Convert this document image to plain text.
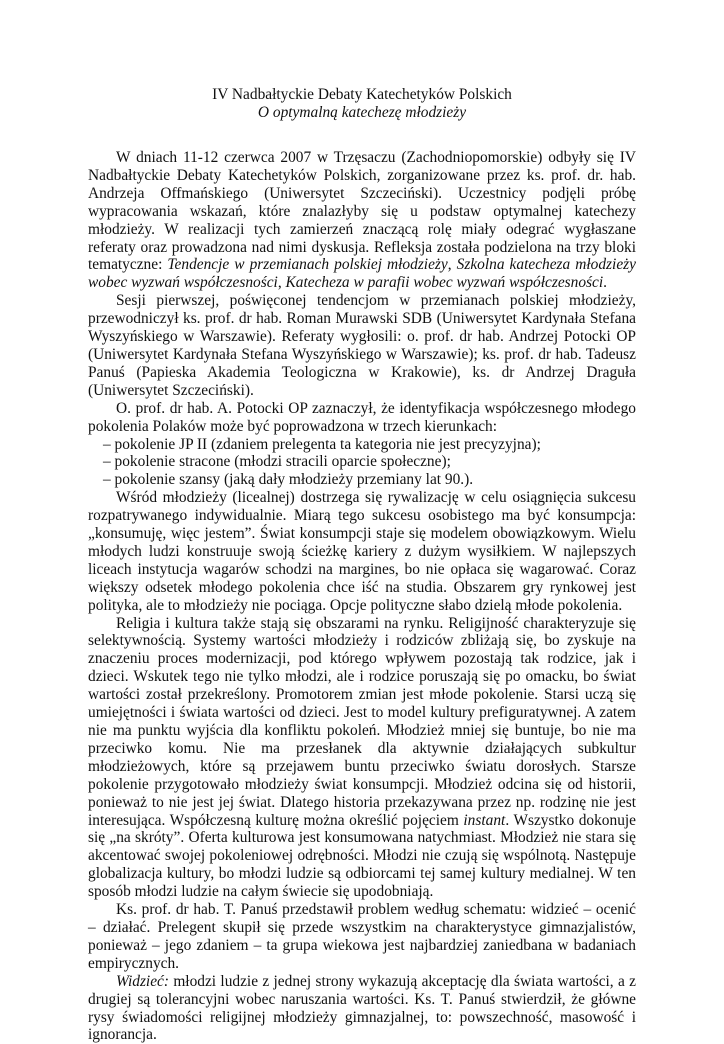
IV Nadbałtyckie Debaty Katechetyków Polskich
O optymalną katechezę młodzieży

W dniach 11-12 czerwca 2007 w Trzęsaczu (Zachodniopomorskie) odbyły się IV Nadbałtyckie Debaty Katechetyków Polskich, zorganizowane przez ks. prof. dr. hab. Andrzeja Offmańskiego (Uniwersytet Szczeciński). Uczestnicy podjęli próbę wypracowania wskazań, które znalazłyby się u podstaw optymalnej katechezy młodzieży. W realizacji tych zamierzeń znaczącą rolę miały odegrać wygłaszane referaty oraz prowadzona nad nimi dyskusja. Refleksja została podzielona na trzy bloki tematyczne: Tendencje w przemianach polskiej młodzieży, Szkolna katecheza młodzieży wobec wyzwań współczesności, Katecheza w parafii wobec wyzwań współczesności.

Sesji pierwszej, poświęconej tendencjom w przemianach polskiej młodzieży, przewodniczył ks. prof. dr hab. Roman Murawski SDB (Uniwersytet Kardynała Stefana Wyszyńskiego w Warszawie). Referaty wygłosili: o. prof. dr hab. Andrzej Potocki OP (Uniwersytet Kardynała Stefana Wyszyńskiego w Warszawie); ks. prof. dr hab. Tadeusz Panuś (Papieska Akademia Teologiczna w Krakowie), ks. dr Andrzej Draguła (Uniwersytet Szczeciński).

O. prof. dr hab. A. Potocki OP zaznaczył, że identyfikacja współczesnego młodego pokolenia Polaków może być poprowadzona w trzech kierunkach:

– pokolenie JP II (zdaniem prelegenta ta kategoria nie jest precyzyjna);

– pokolenie stracone (młodzi stracili oparcie społeczne);

– pokolenie szansy (jaką dały młodzieży przemiany lat 90.).

Wśród młodzieży (licealnej) dostrzega się rywalizację w celu osiągnięcia sukcesu rozpatrywanego indywidualnie. Miarą tego sukcesu osobistego ma być konsumpcja: „konsumuję, więc jestem”. Świat konsumpcji staje się modelem obowiązkowym. Wielu młodych ludzi konstruuje swoją ścieżkę kariery z dużym wysiłkiem. W najlepszych liceach instytucja wagarów schodzi na margines, bo nie opłaca się wagarować. Coraz większy odsetek młodego pokolenia chce iść na studia. Obszarem gry rynkowej jest polityka, ale to młodzieży nie pociąga. Opcje polityczne słabo dzielą młode pokolenia.

Religia i kultura także stają się obszarami na rynku. Religijność charakteryzuje się selektywnością. Systemy wartości młodzieży i rodziców zbliżają się, bo zyskuje na znaczeniu proces modernizacji, pod którego wpływem pozostają tak rodzice, jak i dzieci. Wskutek tego nie tylko młodzi, ale i rodzice poruszają się po omacku, bo świat wartości został przekreślony. Promotorem zmian jest młode pokolenie. Starsi uczą się umiejętności i świata wartości od dzieci. Jest to model kultury prefiguratywnej. A zatem nie ma punktu wyjścia dla konfliktu pokoleń. Młodzież mniej się buntuje, bo nie ma przeciwko komu. Nie ma przesłanek dla aktywnie działających subkultur młodzieżowych, które są przejawem buntu przeciwko światu dorosłych. Starsze pokolenie przygotowało młodzieży świat konsumpcji. Młodzież odcina się od historii, ponieważ to nie jest jej świat. Dlatego historia przekazywana przez np. rodzinę nie jest interesująca. Współczesną kulturę można określić pojęciem instant. Wszystko dokonuje się „na skróty”. Oferta kulturowa jest konsumowana natychmiast. Młodzież nie stara się akcentować swojej pokoleniowej odrębności. Młodzi nie czują się wspólnotą. Następuje globalizacja kultury, bo młodzi ludzie są odbiorcami tej samej kultury medialnej. W ten sposób młodzi ludzie na całym świecie się upodobniają.

Ks. prof. dr hab. T. Panuś przedstawił problem według schematu: widzieć – ocenić – działać. Prelegent skupił się przede wszystkim na charakterystyce gimnazjalistów, ponieważ – jego zdaniem – ta grupa wiekowa jest najbardziej zaniedbana w badaniach empirycznych.

Widzieć: młodzi ludzie z jednej strony wykazują akceptację dla świata wartości, a z drugiej są tolerancyjni wobec naruszania wartości. Ks. T. Panuś stwierdził, że główne rysy świadomości religijnej młodzieży gimnazjalnej, to: powszechność, masowość i ignorancja.
